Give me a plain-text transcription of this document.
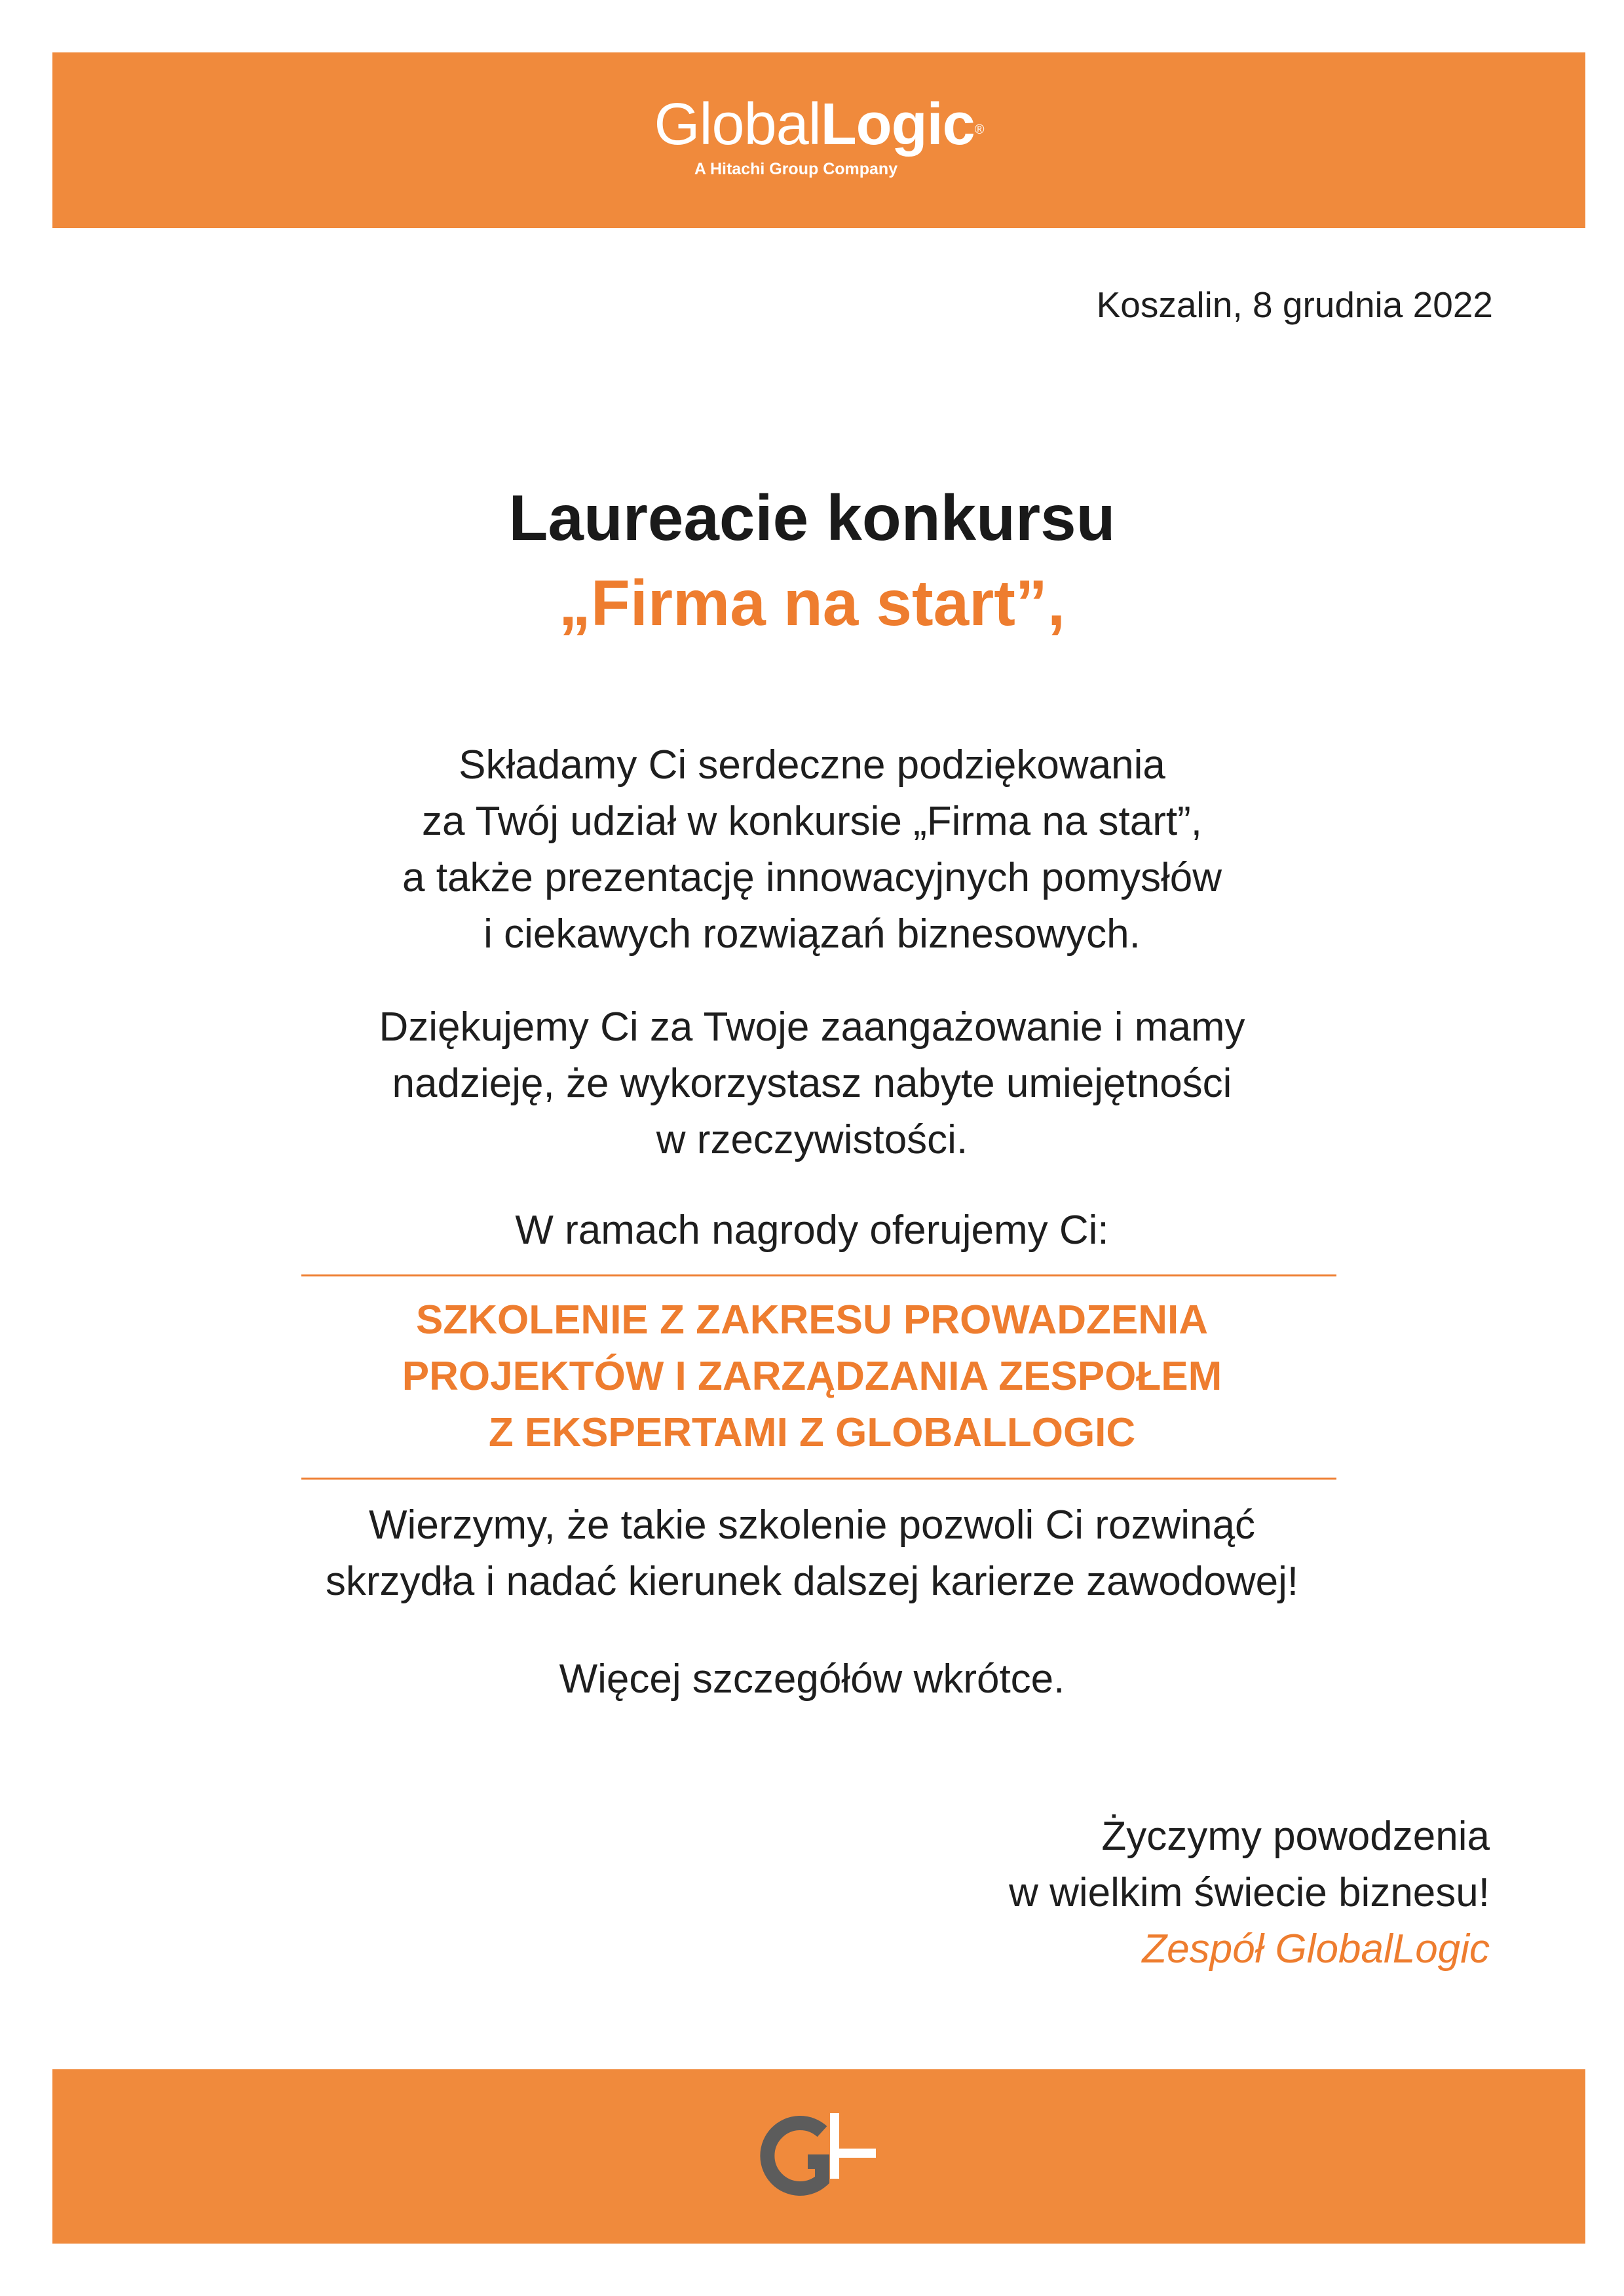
GlobalLogic®
A Hitachi Group Company
Koszalin, 8 grudnia 2022
Laureacie konkursu
„Firma na start”,
Składamy Ci serdeczne podziękowania
za Twój udział w konkursie „Firma na start”,
a także prezentację innowacyjnych pomysłów
i ciekawych rozwiązań biznesowych.
Dziękujemy Ci za Twoje zaangażowanie i mamy
nadzieję, że wykorzystasz nabyte umiejętności
w rzeczywistości.
W ramach nagrody oferujemy Ci:
SZKOLENIE Z ZAKRESU PROWADZENIA
PROJEKTÓW I ZARZĄDZANIA ZESPOŁEM
Z EKSPERTAMI Z GLOBALLOGIC
Wierzymy, że takie szkolenie pozwoli Ci rozwinąć
skrzydła i nadać kierunek dalszej karierze zawodowej!
Więcej szczegółów wkrótce.
Życzymy powodzenia
w wielkim świecie biznesu!
Zespół GlobalLogic
